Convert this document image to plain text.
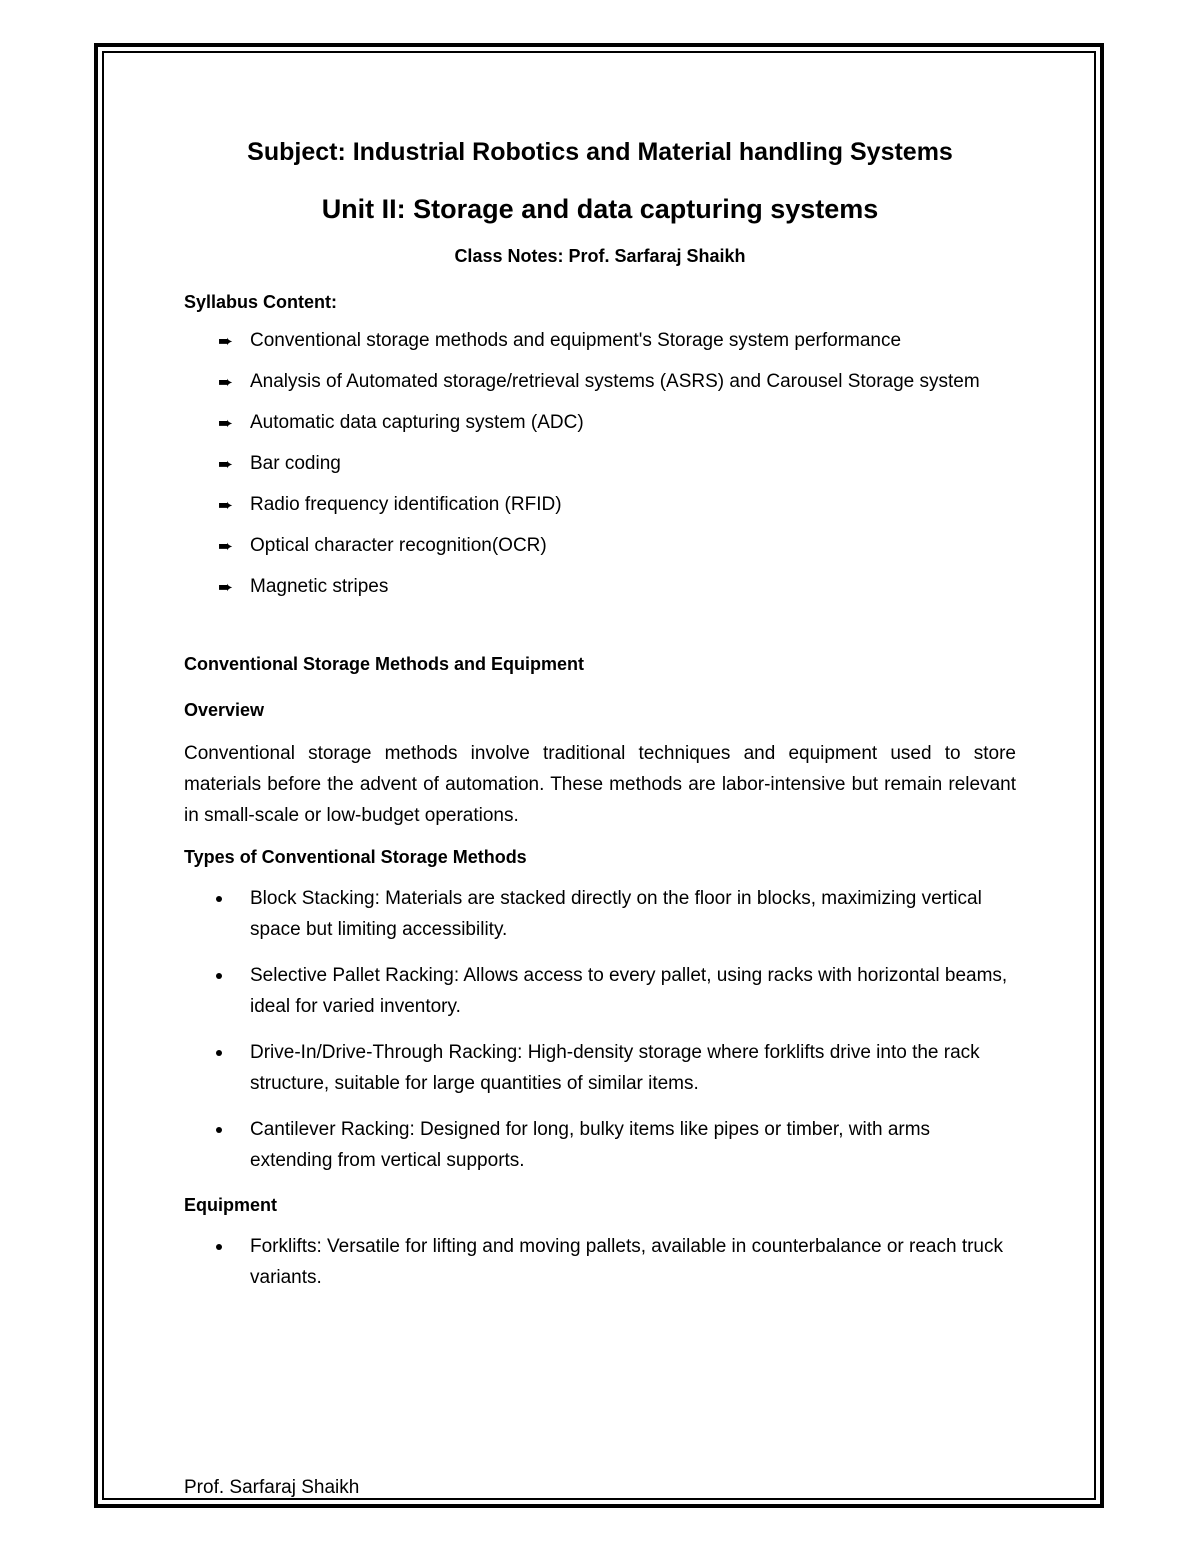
Subject: Industrial Robotics and Material handling Systems
Unit II: Storage and data capturing systems
Class Notes: Prof. Sarfaraj Shaikh
Syllabus Content:
➨ Conventional storage methods and equipment's Storage system performance
➨ Analysis of Automated storage/retrieval systems (ASRS) and Carousel Storage system
➨ Automatic data capturing system (ADC)
➨ Bar coding
➨ Radio frequency identification (RFID)
➨ Optical character recognition(OCR)
➨ Magnetic stripes
Conventional Storage Methods and Equipment
Overview

Conventional storage methods involve traditional techniques and equipment used to store materials before the advent of automation. These methods are labor-intensive but remain relevant in small-scale or low-budget operations.

Types of Conventional Storage Methods
Block Stacking: Materials are stacked directly on the floor in blocks, maximizing vertical space but limiting accessibility.
Selective Pallet Racking: Allows access to every pallet, using racks with horizontal beams, ideal for varied inventory.
Drive-In/Drive-Through Racking: High-density storage where forklifts drive into the rack structure, suitable for large quantities of similar items.
Cantilever Racking: Designed for long, bulky items like pipes or timber, with arms extending from vertical supports.
Equipment
Forklifts: Versatile for lifting and moving pallets, available in counterbalance or reach truck variants.
Prof. Sarfaraj Shaikh
